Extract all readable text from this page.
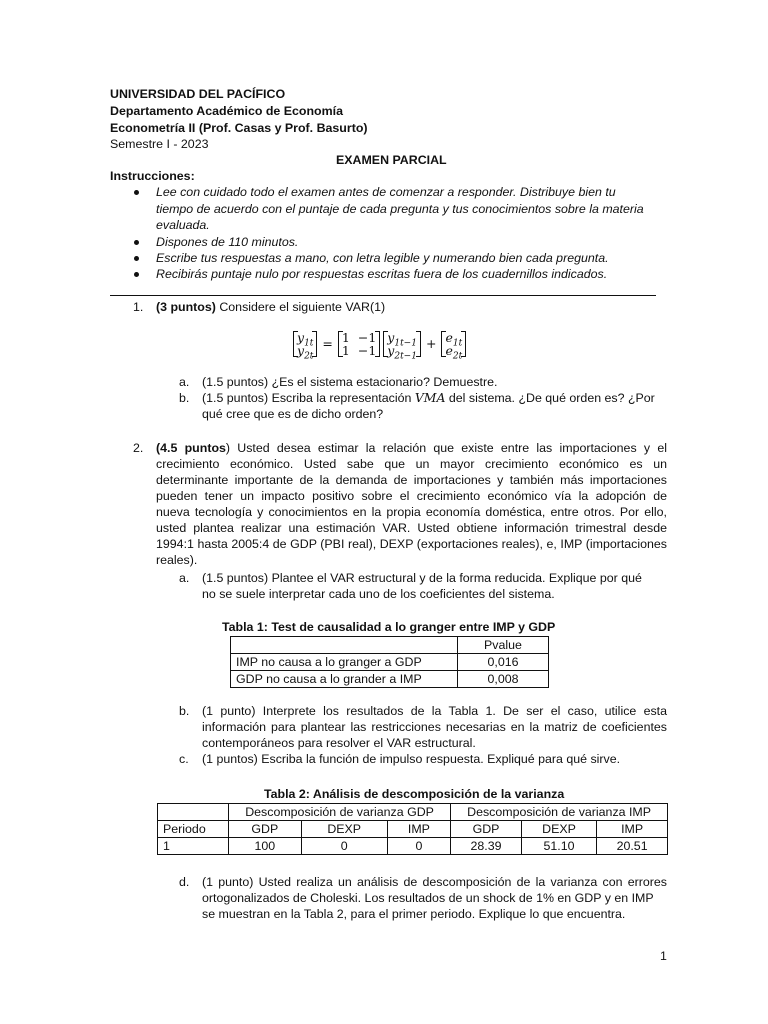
UNIVERSIDAD DEL PACÍFICO
Departamento Académico de Economía
Econometría II (Prof. Casas y Prof. Basurto)
Semestre I - 2023
EXAMEN PARCIAL
Instrucciones:
Lee con cuidado todo el examen antes de comenzar a responder. Distribuye bien tu
tiempo de acuerdo con el puntaje de cada pregunta y tus conocimientos sobre la materia
evaluada.
Dispones de 110 minutos.
Escribe tus respuestas a mano, con letra legible y numerando bien cada pregunta.
Recibirás puntaje nulo por respuestas escritas fuera de los cuadernillos indicados.
1. (3 puntos) Considere el siguiente VAR(1)
$y_{1t}$
$y_{2t}$
= 1 −1
1 −1
$y_{1t-1}$
$y_{2t-1}$
+ $e_{1t}$
$e_{2t}$
a. (1.5 puntos) ¿Es el sistema estacionario? Demuestre.
b. (1.5 puntos) Escriba la representación VMA del sistema. ¿De qué orden es? ¿Por
qué cree que es de dicho orden?
2. (4.5 puntos) Usted desea estimar la relación que existe entre las importaciones y el
crecimiento económico. Usted sabe que un mayor crecimiento económico es un
determinante importante de la demanda de importaciones y también más importaciones
pueden tener un impacto positivo sobre el crecimiento económico vía la adopción de
nueva tecnología y conocimientos en la propia economía doméstica, entre otros. Por ello,
usted plantea realizar una estimación VAR. Usted obtiene información trimestral desde
1994:1 hasta 2005:4 de GDP (PBI real), DEXP (exportaciones reales), e, IMP (importaciones
reales).
a. (1.5 puntos) Plantee el VAR estructural y de la forma reducida. Explique por qué
no se suele interpretar cada uno de los coeficientes del sistema.
Tabla 1: Test de causalidad a lo granger entre IMP y GDP
	Pvalue
IMP no causa a lo granger a GDP	0,016
GDP no causa a lo grander a IMP	0,008
b. (1 punto) Interprete los resultados de la Tabla 1. De ser el caso, utilice esta
información para plantear las restricciones necesarias en la matriz de coeficientes
contemporáneos para resolver el VAR estructural.
c. (1 puntos) Escriba la función de impulso respuesta. Expliqué para qué sirve.
Tabla 2: Análisis de descomposición de la varianza
	Descomposición de varianza GDP			Descomposición de varianza IMP		
Periodo	GDP	DEXP	IMP	GDP	DEXP	IMP
1	100	0	0	28.39	51.10	20.51
d. (1 punto) Usted realiza un análisis de descomposición de la varianza con errores
ortogonalizados de Choleski. Los resultados de un shock de 1% en GDP y en IMP
se muestran en la Tabla 2, para el primer periodo. Explique lo que encuentra.
1
